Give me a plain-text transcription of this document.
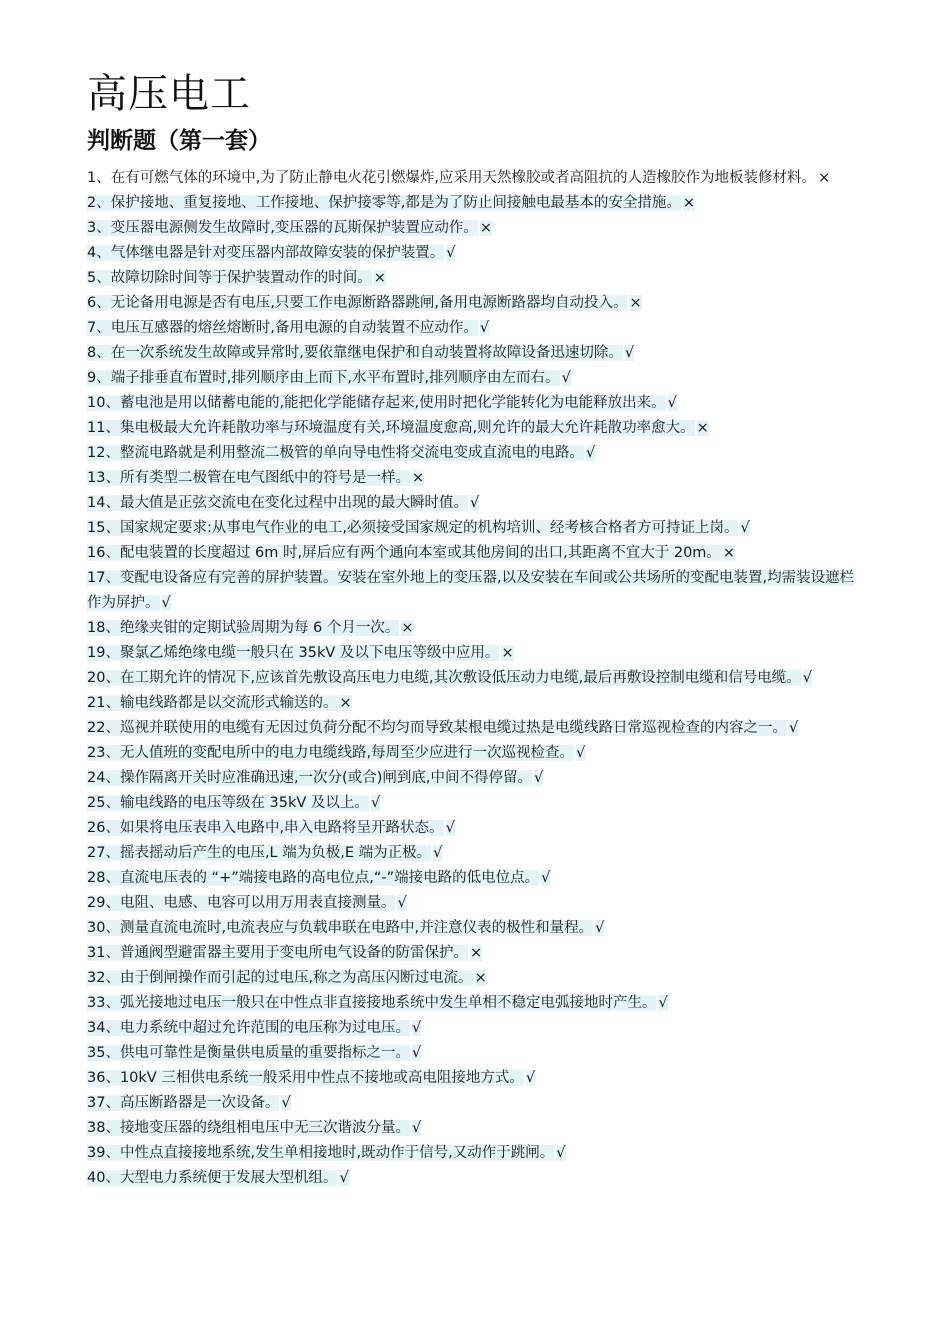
高压电工
判断题（第一套）
1、在有可燃气体的环境中,为了防止静电火花引燃爆炸,应采用天然橡胶或者高阻抗的人造橡胶作为地板装修材料。 ×
2、保护接地、重复接地、工作接地、保护接零等,都是为了防止间接触电最基本的安全措施。 ×
3、变压器电源侧发生故障时,变压器的瓦斯保护装置应动作。 ×
4、气体继电器是针对变压器内部故障安装的保护装置。 √
5、故障切除时间等于保护装置动作的时间。 ×
6、无论备用电源是否有电压,只要工作电源断路器跳闸,备用电源断路器均自动投入。 ×
7、电压互感器的熔丝熔断时,备用电源的自动装置不应动作。 √
8、在一次系统发生故障或异常时,要依靠继电保护和自动装置将故障设备迅速切除。 √
9、端子排垂直布置时,排列顺序由上而下,水平布置时,排列顺序由左而右。 √
10、蓄电池是用以储蓄电能的,能把化学能储存起来,使用时把化学能转化为电能释放出来。 √
11、集电极最大允许耗散功率与环境温度有关,环境温度愈高,则允许的最大允许耗散功率愈大。 ×
12、整流电路就是利用整流二极管的单向导电性将交流电变成直流电的电路。 √
13、所有类型二极管在电气图纸中的符号是一样。 ×
14、最大值是正弦交流电在变化过程中出现的最大瞬时值。 √
15、国家规定要求:从事电气作业的电工,必须接受国家规定的机构培训、经考核合格者方可持证上岗。 √
16、配电装置的长度超过 6m 时,屏后应有两个通向本室或其他房间的出口,其距离不宜大于 20m。 ×
17、变配电设备应有完善的屏护装置。安装在室外地上的变压器,以及安装在车间或公共场所的变配电装置,均需装设遮栏作为屏护。 √
18、绝缘夹钳的定期试验周期为每 6 个月一次。 ×
19、聚氯乙烯绝缘电缆一般只在 35kV 及以下电压等级中应用。 ×
20、在工期允许的情况下,应该首先敷设高压电力电缆,其次敷设低压动力电缆,最后再敷设控制电缆和信号电缆。 √
21、输电线路都是以交流形式输送的。 ×
22、巡视并联使用的电缆有无因过负荷分配不均匀而导致某根电缆过热是电缆线路日常巡视检查的内容之一。 √
23、无人值班的变配电所中的电力电缆线路,每周至少应进行一次巡视检查。 √
24、操作隔离开关时应准确迅速,一次分(或合)闸到底,中间不得停留。 √
25、输电线路的电压等级在 35kV 及以上。 √
26、如果将电压表串入电路中,串入电路将呈开路状态。 √
27、摇表摇动后产生的电压,L 端为负极,E 端为正极。 √
28、直流电压表的 “+”端接电路的高电位点,“-”端接电路的低电位点。 √
29、电阻、电感、电容可以用万用表直接测量。 √
30、测量直流电流时,电流表应与负载串联在电路中,并注意仪表的极性和量程。 √
31、普通阀型避雷器主要用于变电所电气设备的防雷保护。 ×
32、由于倒闸操作而引起的过电压,称之为高压闪断过电流。 ×
33、弧光接地过电压一般只在中性点非直接接地系统中发生单相不稳定电弧接地时产生。 √
34、电力系统中超过允许范围的电压称为过电压。 √
35、供电可靠性是衡量供电质量的重要指标之一。 √
36、10kV 三相供电系统一般采用中性点不接地或高电阻接地方式。 √
37、高压断路器是一次设备。 √
38、接地变压器的绕组相电压中无三次谐波分量。 √
39、中性点直接接地系统,发生单相接地时,既动作于信号,又动作于跳闸。 √
40、大型电力系统便于发展大型机组。 √
